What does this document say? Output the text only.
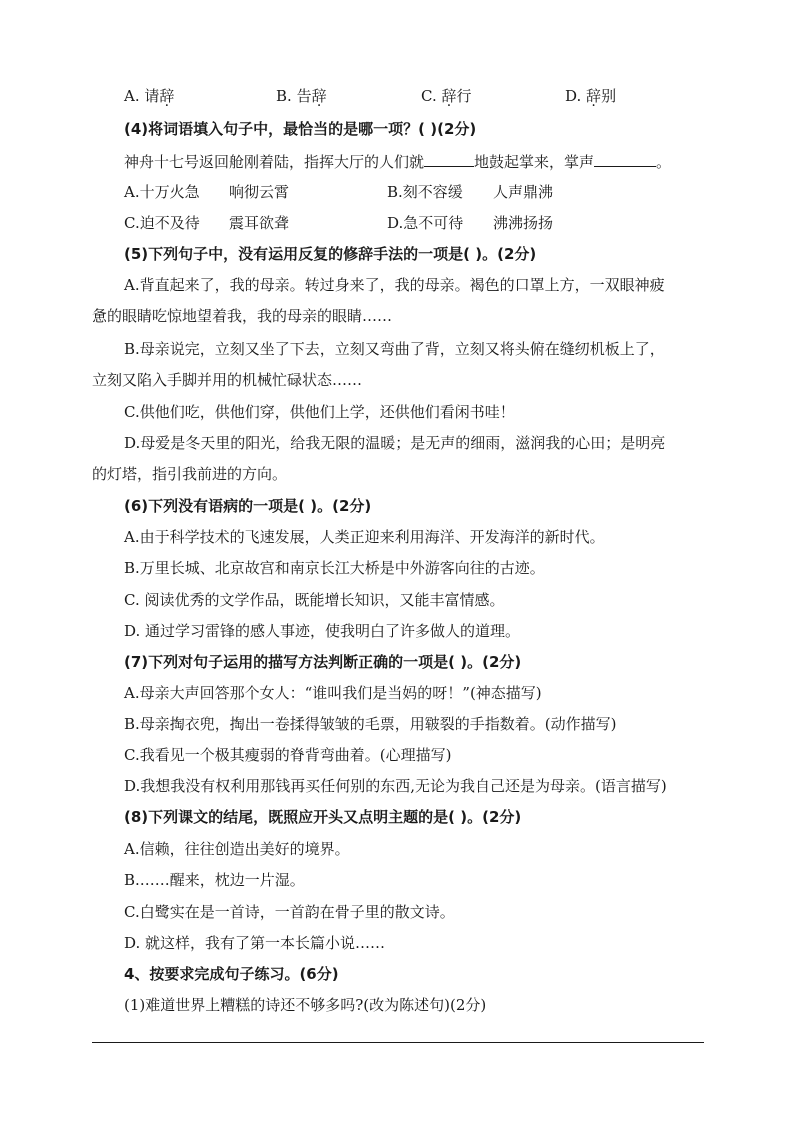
A. 请辞	B. 告辞	C. 辞行	D. 辞别
(4)将词语填入句子中，最恰当的是哪一项？( )(2分)
神舟十七号返回舱刚着陆，指挥大厅的人们就	地鼓起掌来，掌声	。
A.十万火急 响彻云霄	B.刻不容缓 人声鼎沸
C.迫不及待 震耳欲聋	D.急不可待 沸沸扬扬
(5)下列句子中，没有运用反复的修辞手法的一项是( )。(2分)
A.背直起来了，我的母亲。转过身来了，我的母亲。褐色的口罩上方，一双眼神疲
惫的眼睛吃惊地望着我，我的母亲的眼睛……
B.母亲说完，立刻又坐了下去，立刻又弯曲了背，立刻又将头俯在缝纫机板上了，
立刻又陷入手脚并用的机械忙碌状态……
C.供他们吃，供他们穿，供他们上学，还供他们看闲书哇！
D.母爱是冬天里的阳光，给我无限的温暖；是无声的细雨，滋润我的心田；是明亮
的灯塔，指引我前进的方向。
(6)下列没有语病的一项是( )。(2分)
A.由于科学技术的飞速发展，人类正迎来利用海洋、开发海洋的新时代。
B.万里长城、北京故宫和南京长江大桥是中外游客向往的古迹。
C. 阅读优秀的文学作品，既能增长知识，又能丰富情感。
D. 通过学习雷锋的感人事迹，使我明白了许多做人的道理。
(7)下列对句子运用的描写方法判断正确的一项是( )。(2分)
A.母亲大声回答那个女人：“谁叫我们是当妈的呀！”(神态描写)
B.母亲掏衣兜，掏出一卷揉得皱皱的毛票，用皲裂的手指数着。(动作描写)
C.我看见一个极其瘦弱的脊背弯曲着。(心理描写)
D.我想我没有权利用那钱再买任何别的东西,无论为我自己还是为母亲。(语言描写)
(8)下列课文的结尾，既照应开头又点明主题的是( )。(2分)
A.信赖，往往创造出美好的境界。
B.……醒来，枕边一片湿。
C.白鹭实在是一首诗，一首韵在骨子里的散文诗。
D. 就这样，我有了第一本长篇小说……
4、按要求完成句子练习。(6分)
(1)难道世界上糟糕的诗还不够多吗?(改为陈述句)(2分)
